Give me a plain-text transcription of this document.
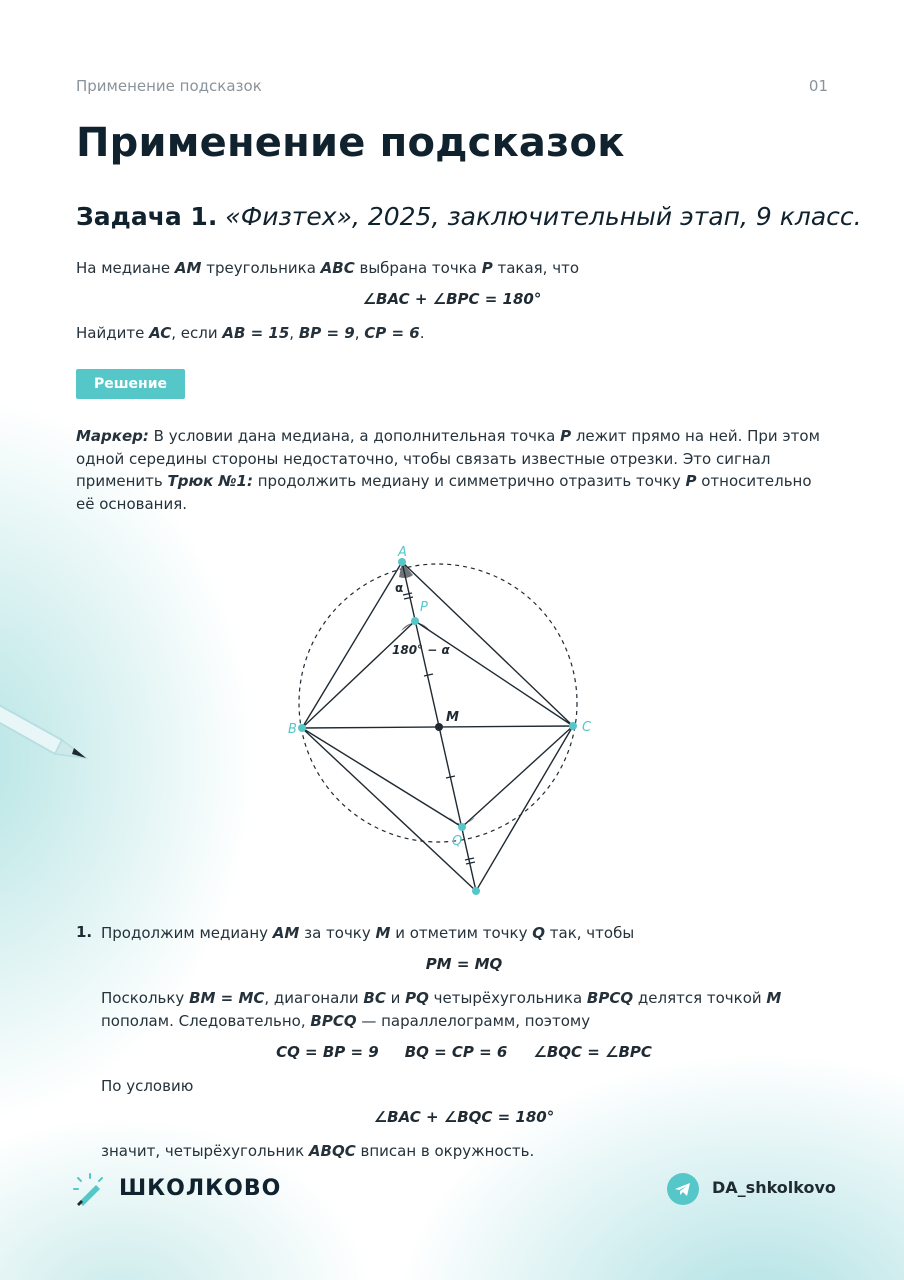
Применение подсказок	01
Применение подсказок
Задача 1. «Физтех», 2025, заключительный этап, 9 класс.
На медиане AM треугольника ABC выбрана точка P такая, что
∠BAC + ∠BPC = 180°
Найдите AC, если AB = 15, BP = 9, CP = 6.
Решение
Маркер: В условии дана медиана, а дополнительная точка P лежит прямо на ней. При этом одной середины стороны недостаточно, чтобы связать известные отрезки. Это сигнал применить Трюк №1: продолжить медиану и симметрично отразить точку P относительно её основания.
A
P
B	C
M
Q
α
180° − α
1. Продолжим медиану AM за точку M и отметим точку Q так, чтобы
PM = MQ
Поскольку BM = MC, диагонали BC и PQ четырёхугольника BPCQ делятся точкой M
пополам. Следовательно, BPCQ — параллелограмм, поэтому
CQ = BP = 9 BQ = CP = 6 ∠BQC = ∠BPC
По условию
∠BAC + ∠BQC = 180°
значит, четырёхугольник ABQC вписан в окружность.
ШКОЛКОВО	DA_shkolkovo
